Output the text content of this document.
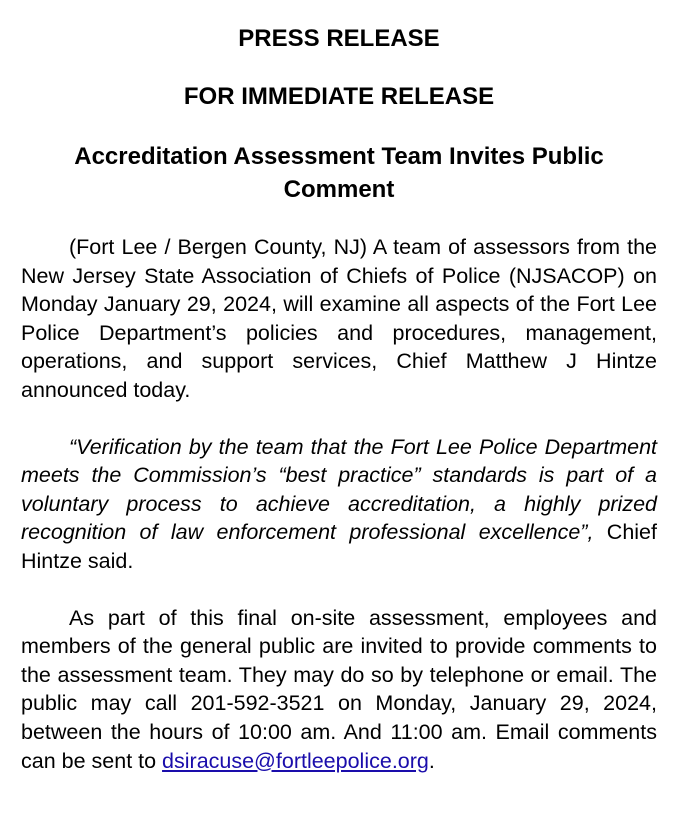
PRESS RELEASE
FOR IMMEDIATE RELEASE
Accreditation Assessment Team Invites Public
Comment

(Fort Lee / Bergen County, NJ) A team of assessors from the New Jersey State Association of Chiefs of Police (NJSACOP) on Monday January 29, 2024, will examine all aspects of the Fort Lee Police Department’s policies and procedures, management, operations, and support services, Chief Matthew J Hintze announced today.

“Verification by the team that the Fort Lee Police Department meets the Commission’s “best practice” standards is part of a voluntary process to achieve accreditation, a highly prized recognition of law enforcement professional excellence”, Chief Hintze said.

As part of this final on-site assessment, employees and members of the general public are invited to provide comments to the assessment team. They may do so by telephone or email. The public may call 201-592-3521 on Monday, January 29, 2024, between the hours of 10:00 am. And 11:00 am. Email comments can be sent to dsiracuse@fortleepolice.org.
